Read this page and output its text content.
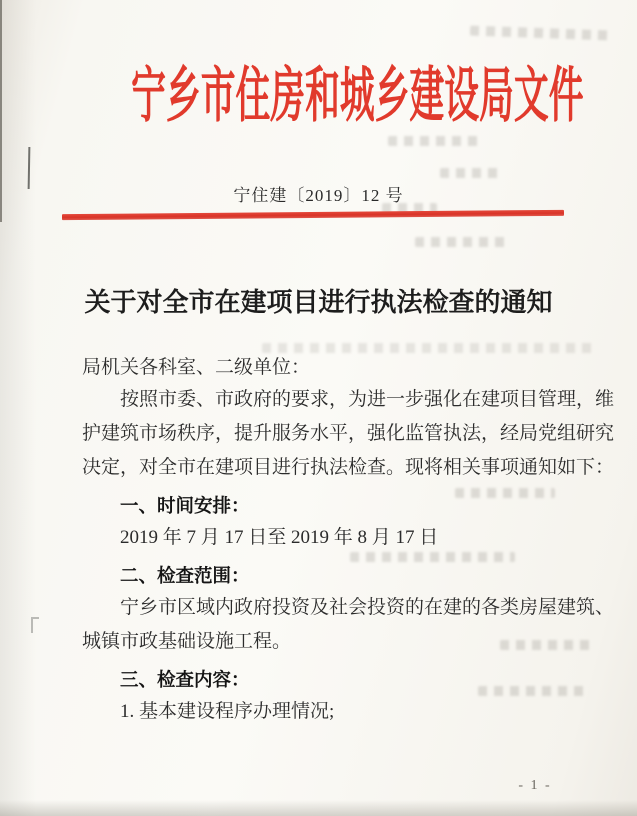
宁乡市住房和城乡建设局文件
宁住建〔2019〕12 号
关于对全市在建项目进行执法检查的通知
局机关各科室、二级单位：
按照市委、市政府的要求，为进一步强化在建项目管理，维
护建筑市场秩序，提升服务水平，强化监管执法，经局党组研究
决定，对全市在建项目进行执法检查。现将相关事项通知如下：
一、时间安排：
2019 年 7 月 17 日至 2019 年 8 月 17 日
二、检查范围：
宁乡市区域内政府投资及社会投资的在建的各类房屋建筑、
城镇市政基础设施工程。
三、检查内容：
1. 基本建设程序办理情况;
- 1 -
